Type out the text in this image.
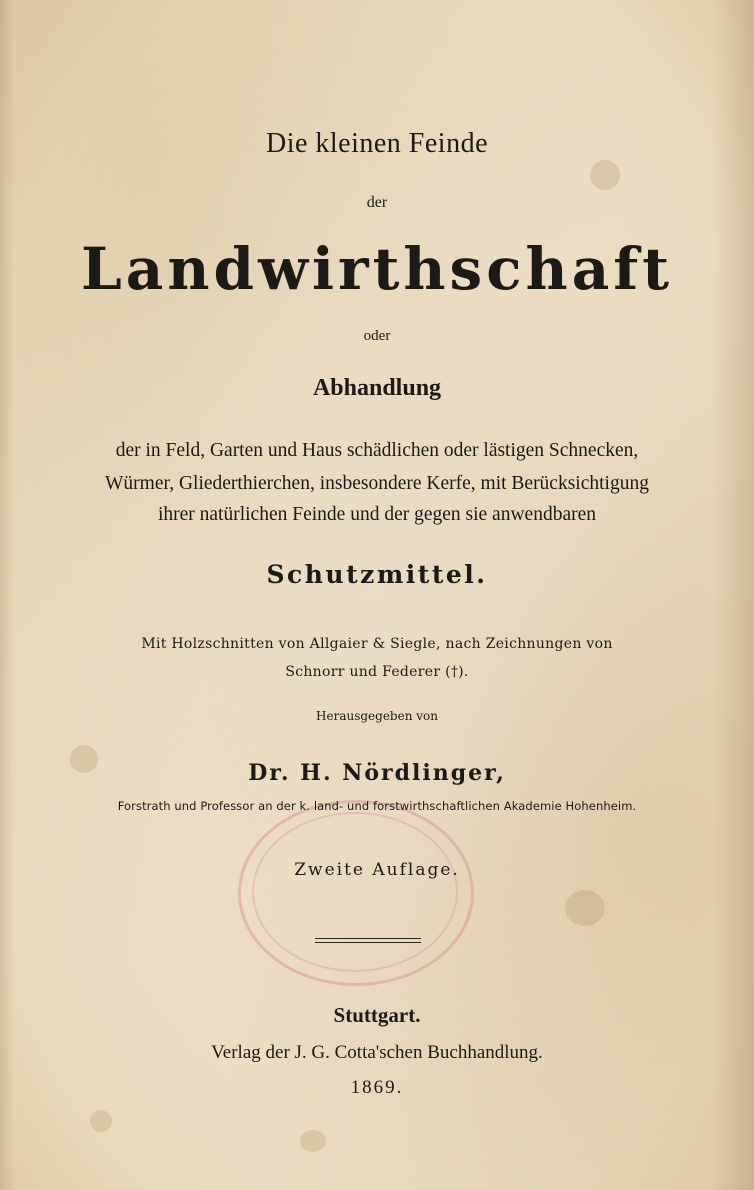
Die kleinen Feinde
der
Landwirthschaft
oder
Abhandlung
der in Feld, Garten und Haus schädlichen oder lästigen Schnecken,
Würmer, Gliederthierchen, insbesondere Kerfe, mit Berücksichtigung
ihrer natürlichen Feinde und der gegen sie anwendbaren
Schutzmittel.
Mit Holzschnitten von Allgaier & Siegle, nach Zeichnungen von
Schnorr und Federer (†).
Herausgegeben von
Dr. H. Nördlinger,
Forstrath und Professor an der k. land- und forstwirthschaftlichen Akademie Hohenheim.
Zweite Auflage.
Stuttgart.
Verlag der J. G. Cotta'schen Buchhandlung.
1869.
